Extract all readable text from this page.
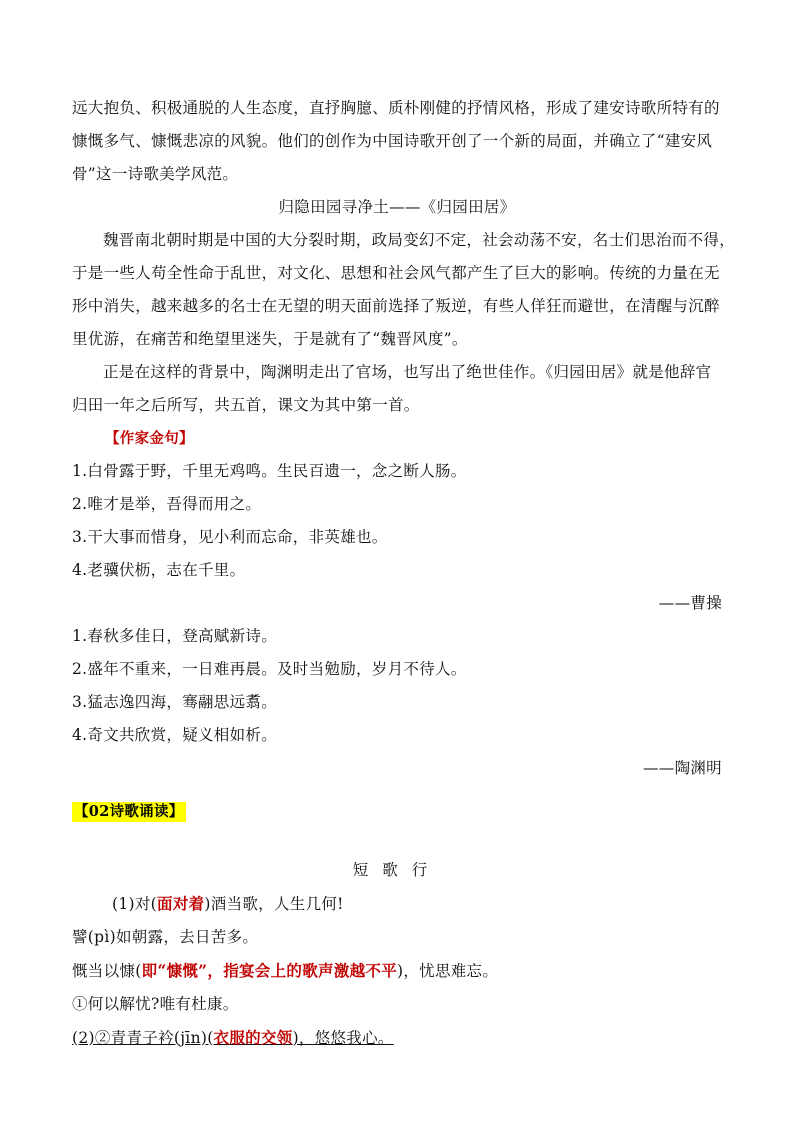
远大抱负、积极通脱的人生态度，直抒胸臆、质朴刚健的抒情风格，形成了建安诗歌所特有的
慷慨多气、慷慨悲凉的风貌。他们的创作为中国诗歌开创了一个新的局面，并确立了“建安风
骨”这一诗歌美学风范。
归隐田园寻净土——《归园田居》
魏晋南北朝时期是中国的大分裂时期，政局变幻不定，社会动荡不安，名士们思治而不得，
于是一些人苟全性命于乱世，对文化、思想和社会风气都产生了巨大的影响。传统的力量在无
形中消失，越来越多的名士在无望的明天面前选择了叛逆，有些人佯狂而避世，在清醒与沉醉
里优游，在痛苦和绝望里迷失，于是就有了“魏晋风度”。
正是在这样的背景中，陶渊明走出了官场，也写出了绝世佳作。《归园田居》就是他辞官
归田一年之后所写，共五首，课文为其中第一首。
【作家金句】
1.白骨露于野，千里无鸡鸣。生民百遗一，念之断人肠。
2.唯才是举，吾得而用之。
3.干大事而惜身，见小利而忘命，非英雄也。
4.老骥伏枥，志在千里。
——曹操
1.春秋多佳日，登高赋新诗。
2.盛年不重来，一日难再晨。及时当勉励，岁月不待人。
3.猛志逸四海，骞翮思远翥。
4.奇文共欣赏，疑义相如析。
——陶渊明
【02诗歌诵读】
短歌行
(1)对(面对着)酒当歌，人生几何!
譬(pì)如朝露，去日苦多。
慨当以慷(即“慷慨”，指宴会上的歌声激越不平)，忧思难忘。
①何以解忧?唯有杜康。
(2)②青青子衿(jīn)(衣服的交领)，悠悠我心。
